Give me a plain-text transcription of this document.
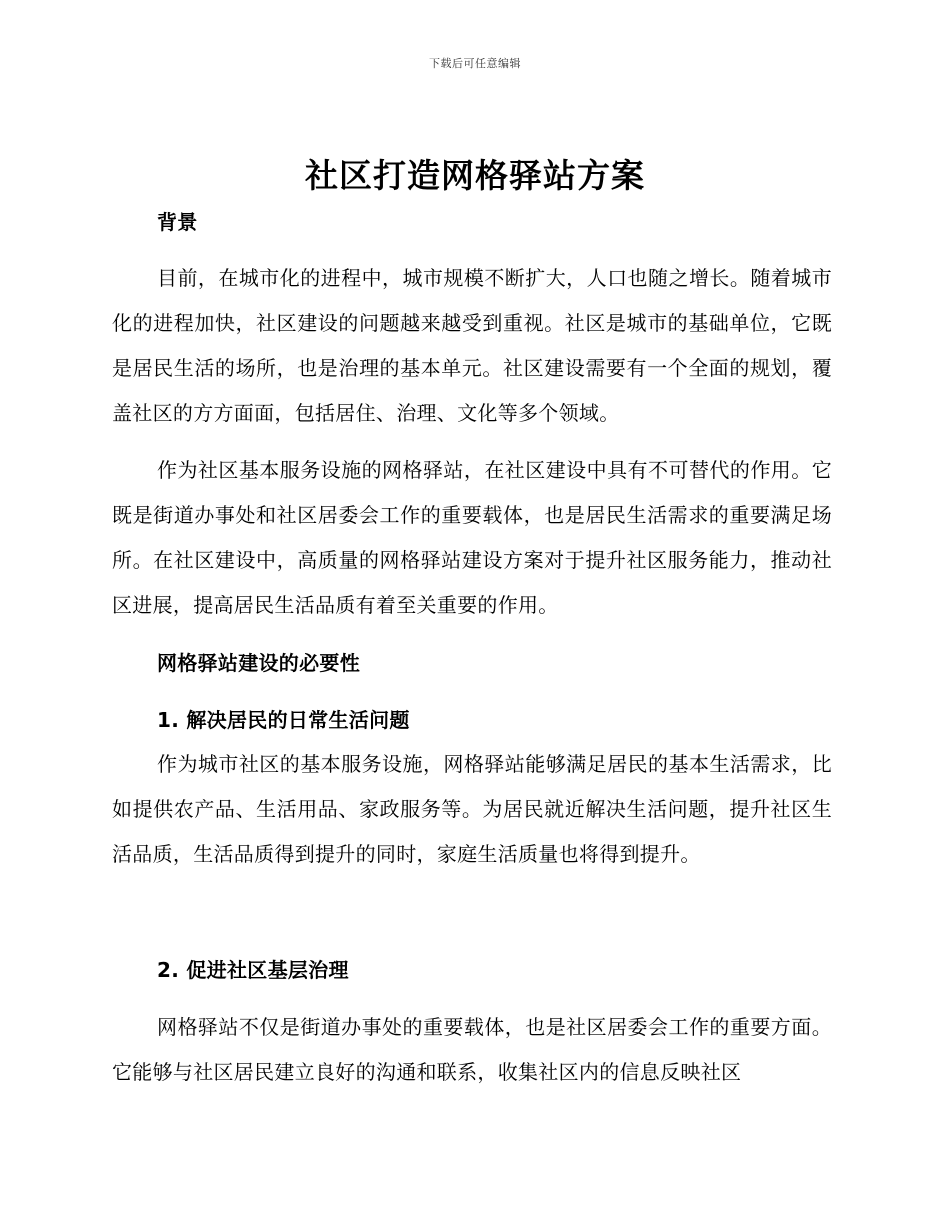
下载后可任意编辑
社区打造网格驿站方案
背景

目前，在城市化的进程中，城市规模不断扩大，人口也随之增长。随着城市化的进程加快，社区建设的问题越来越受到重视。社区是城市的基础单位，它既是居民生活的场所，也是治理的基本单元。社区建设需要有一个全面的规划，覆盖社区的方方面面，包括居住、治理、文化等多个领域。

作为社区基本服务设施的网格驿站，在社区建设中具有不可替代的作用。它既是街道办事处和社区居委会工作的重要载体，也是居民生活需求的重要满足场所。在社区建设中，高质量的网格驿站建设方案对于提升社区服务能力，推动社区进展，提高居民生活品质有着至关重要的作用。

网格驿站建设的必要性
1. 解决居民的日常生活问题

作为城市社区的基本服务设施，网格驿站能够满足居民的基本生活需求，比如提供农产品、生活用品、家政服务等。为居民就近解决生活问题，提升社区生活品质，生活品质得到提升的同时，家庭生活质量也将得到提升。

2. 促进社区基层治理

网格驿站不仅是街道办事处的重要载体，也是社区居委会工作的重要方面。它能够与社区居民建立良好的沟通和联系，收集社区内的信息反映社区
